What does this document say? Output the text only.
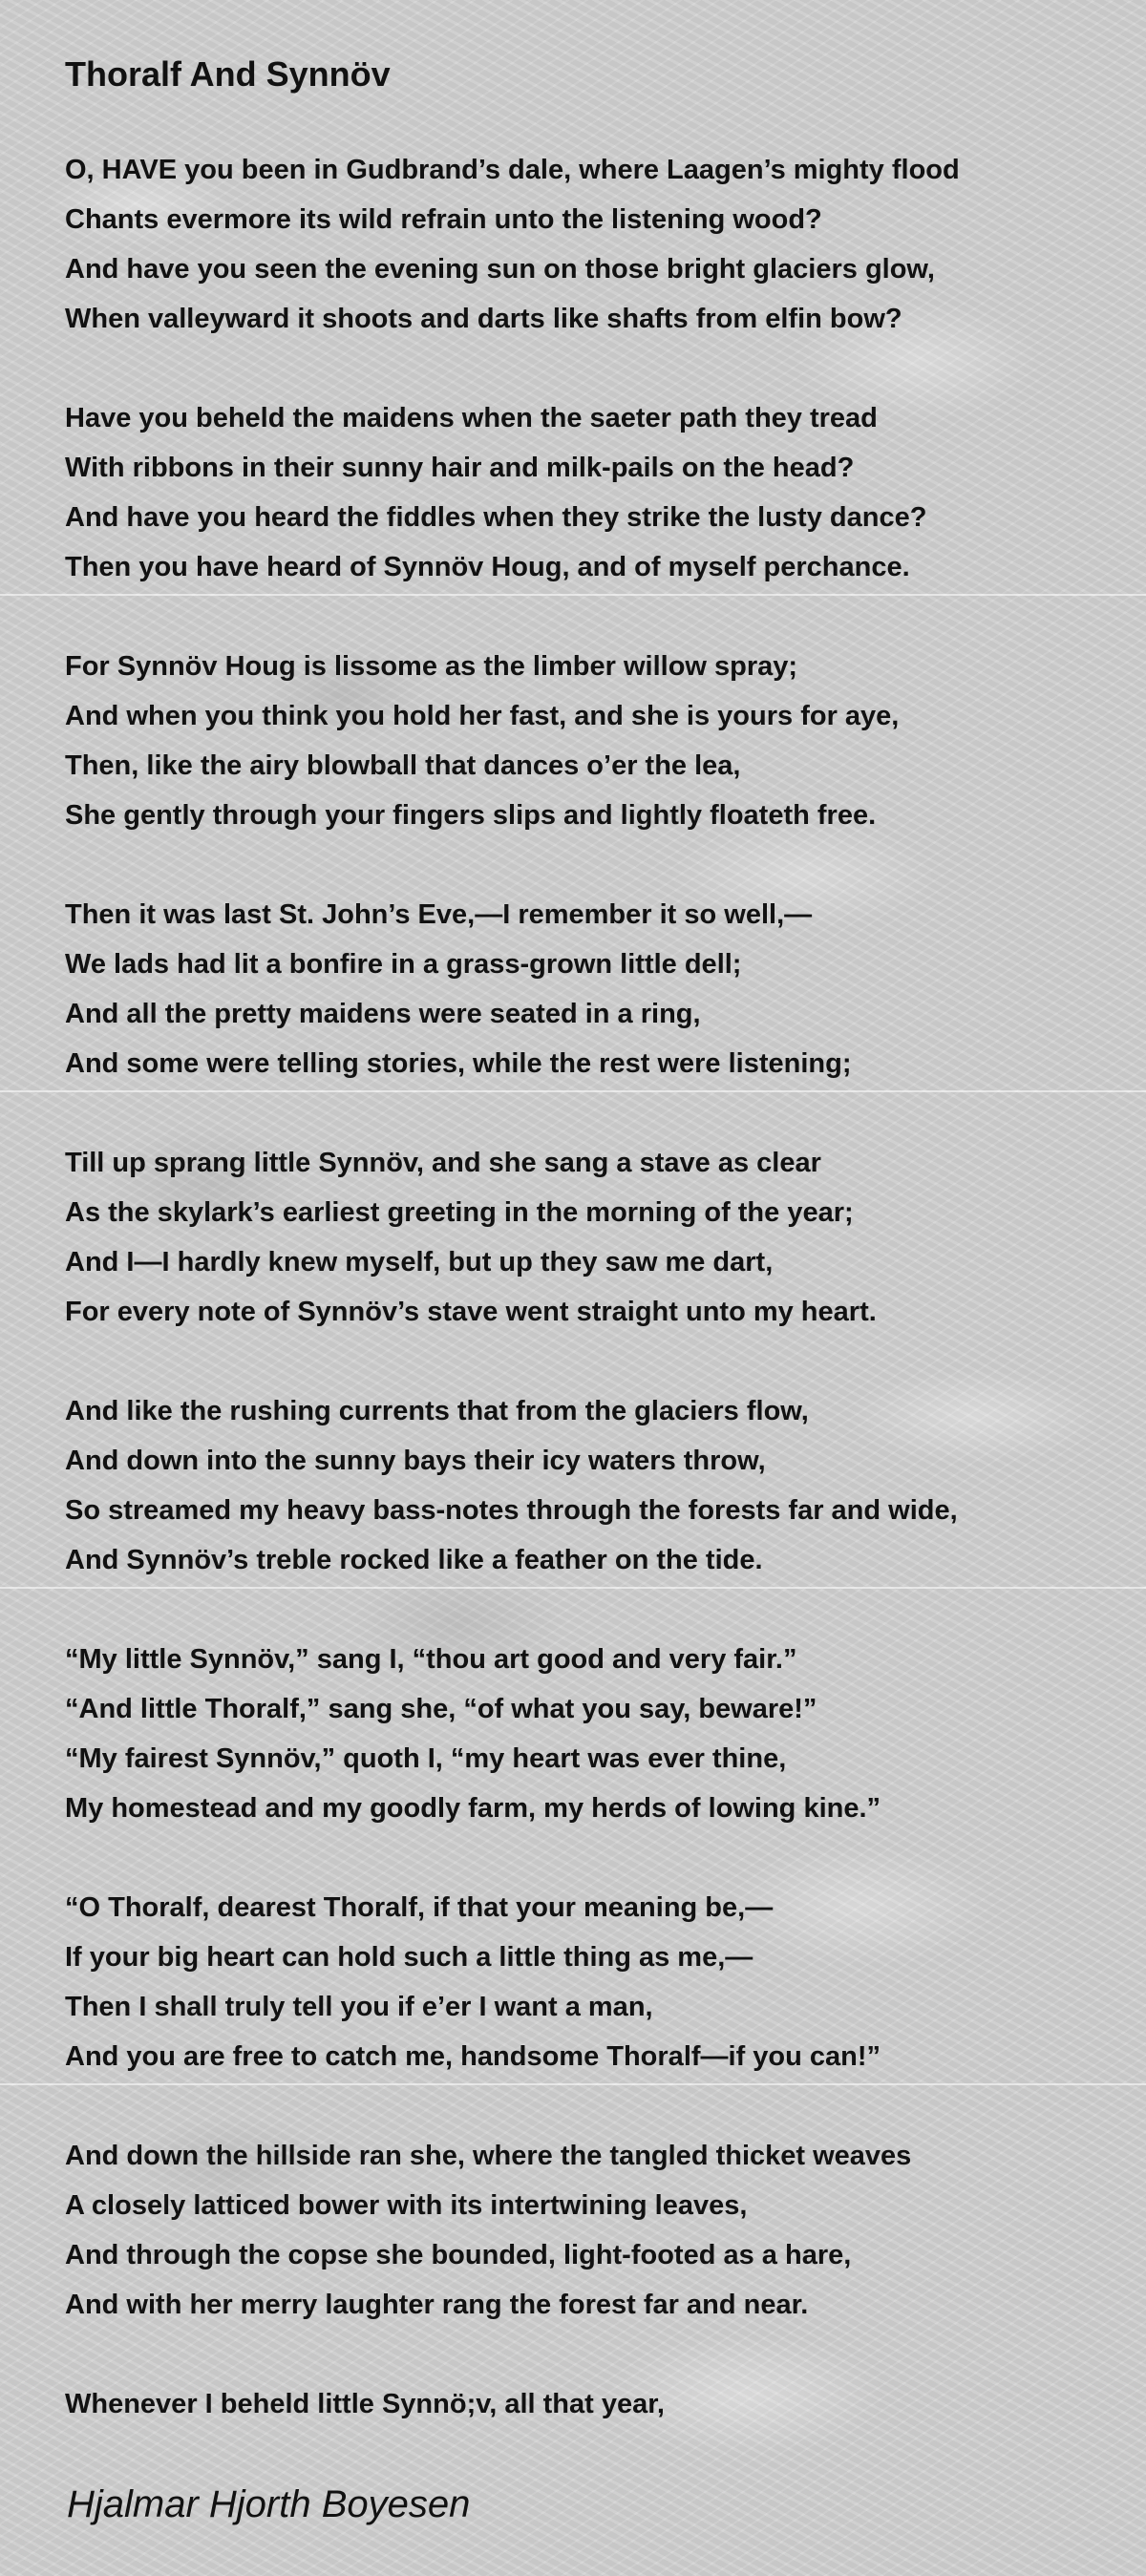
Thoralf And Synnöv
O, HAVE you been in Gudbrand’s dale, where Laagen’s mighty flood
Chants evermore its wild refrain unto the listening wood?
And have you seen the evening sun on those bright glaciers glow,
When valleyward it shoots and darts like shafts from elfin bow?
Have you beheld the maidens when the saeter path they tread
With ribbons in their sunny hair and milk-pails on the head?
And have you heard the fiddles when they strike the lusty dance?
Then you have heard of Synnöv Houg, and of myself perchance.
For Synnöv Houg is lissome as the limber willow spray;
And when you think you hold her fast, and she is yours for aye,
Then, like the airy blowball that dances o’er the lea,
She gently through your fingers slips and lightly floateth free.
Then it was last St. John’s Eve,—I remember it so well,—
We lads had lit a bonfire in a grass-grown little dell;
And all the pretty maidens were seated in a ring,
And some were telling stories, while the rest were listening;
Till up sprang little Synnöv, and she sang a stave as clear
As the skylark’s earliest greeting in the morning of the year;
And I—I hardly knew myself, but up they saw me dart,
For every note of Synnöv’s stave went straight unto my heart.
And like the rushing currents that from the glaciers flow,
And down into the sunny bays their icy waters throw,
So streamed my heavy bass-notes through the forests far and wide,
And Synnöv’s treble rocked like a feather on the tide.
“My little Synnöv,” sang I, “thou art good and very fair.”
“And little Thoralf,” sang she, “of what you say, beware!”
“My fairest Synnöv,” quoth I, “my heart was ever thine,
My homestead and my goodly farm, my herds of lowing kine.”
“O Thoralf, dearest Thoralf, if that your meaning be,—
If your big heart can hold such a little thing as me,—
Then I shall truly tell you if e’er I want a man,
And you are free to catch me, handsome Thoralf—if you can!”
And down the hillside ran she, where the tangled thicket weaves
A closely latticed bower with its intertwining leaves,
And through the copse she bounded, light-footed as a hare,
And with her merry laughter rang the forest far and near.
Whenever I beheld little Synnö;v, all that year,

Hjalmar Hjorth Boyesen
